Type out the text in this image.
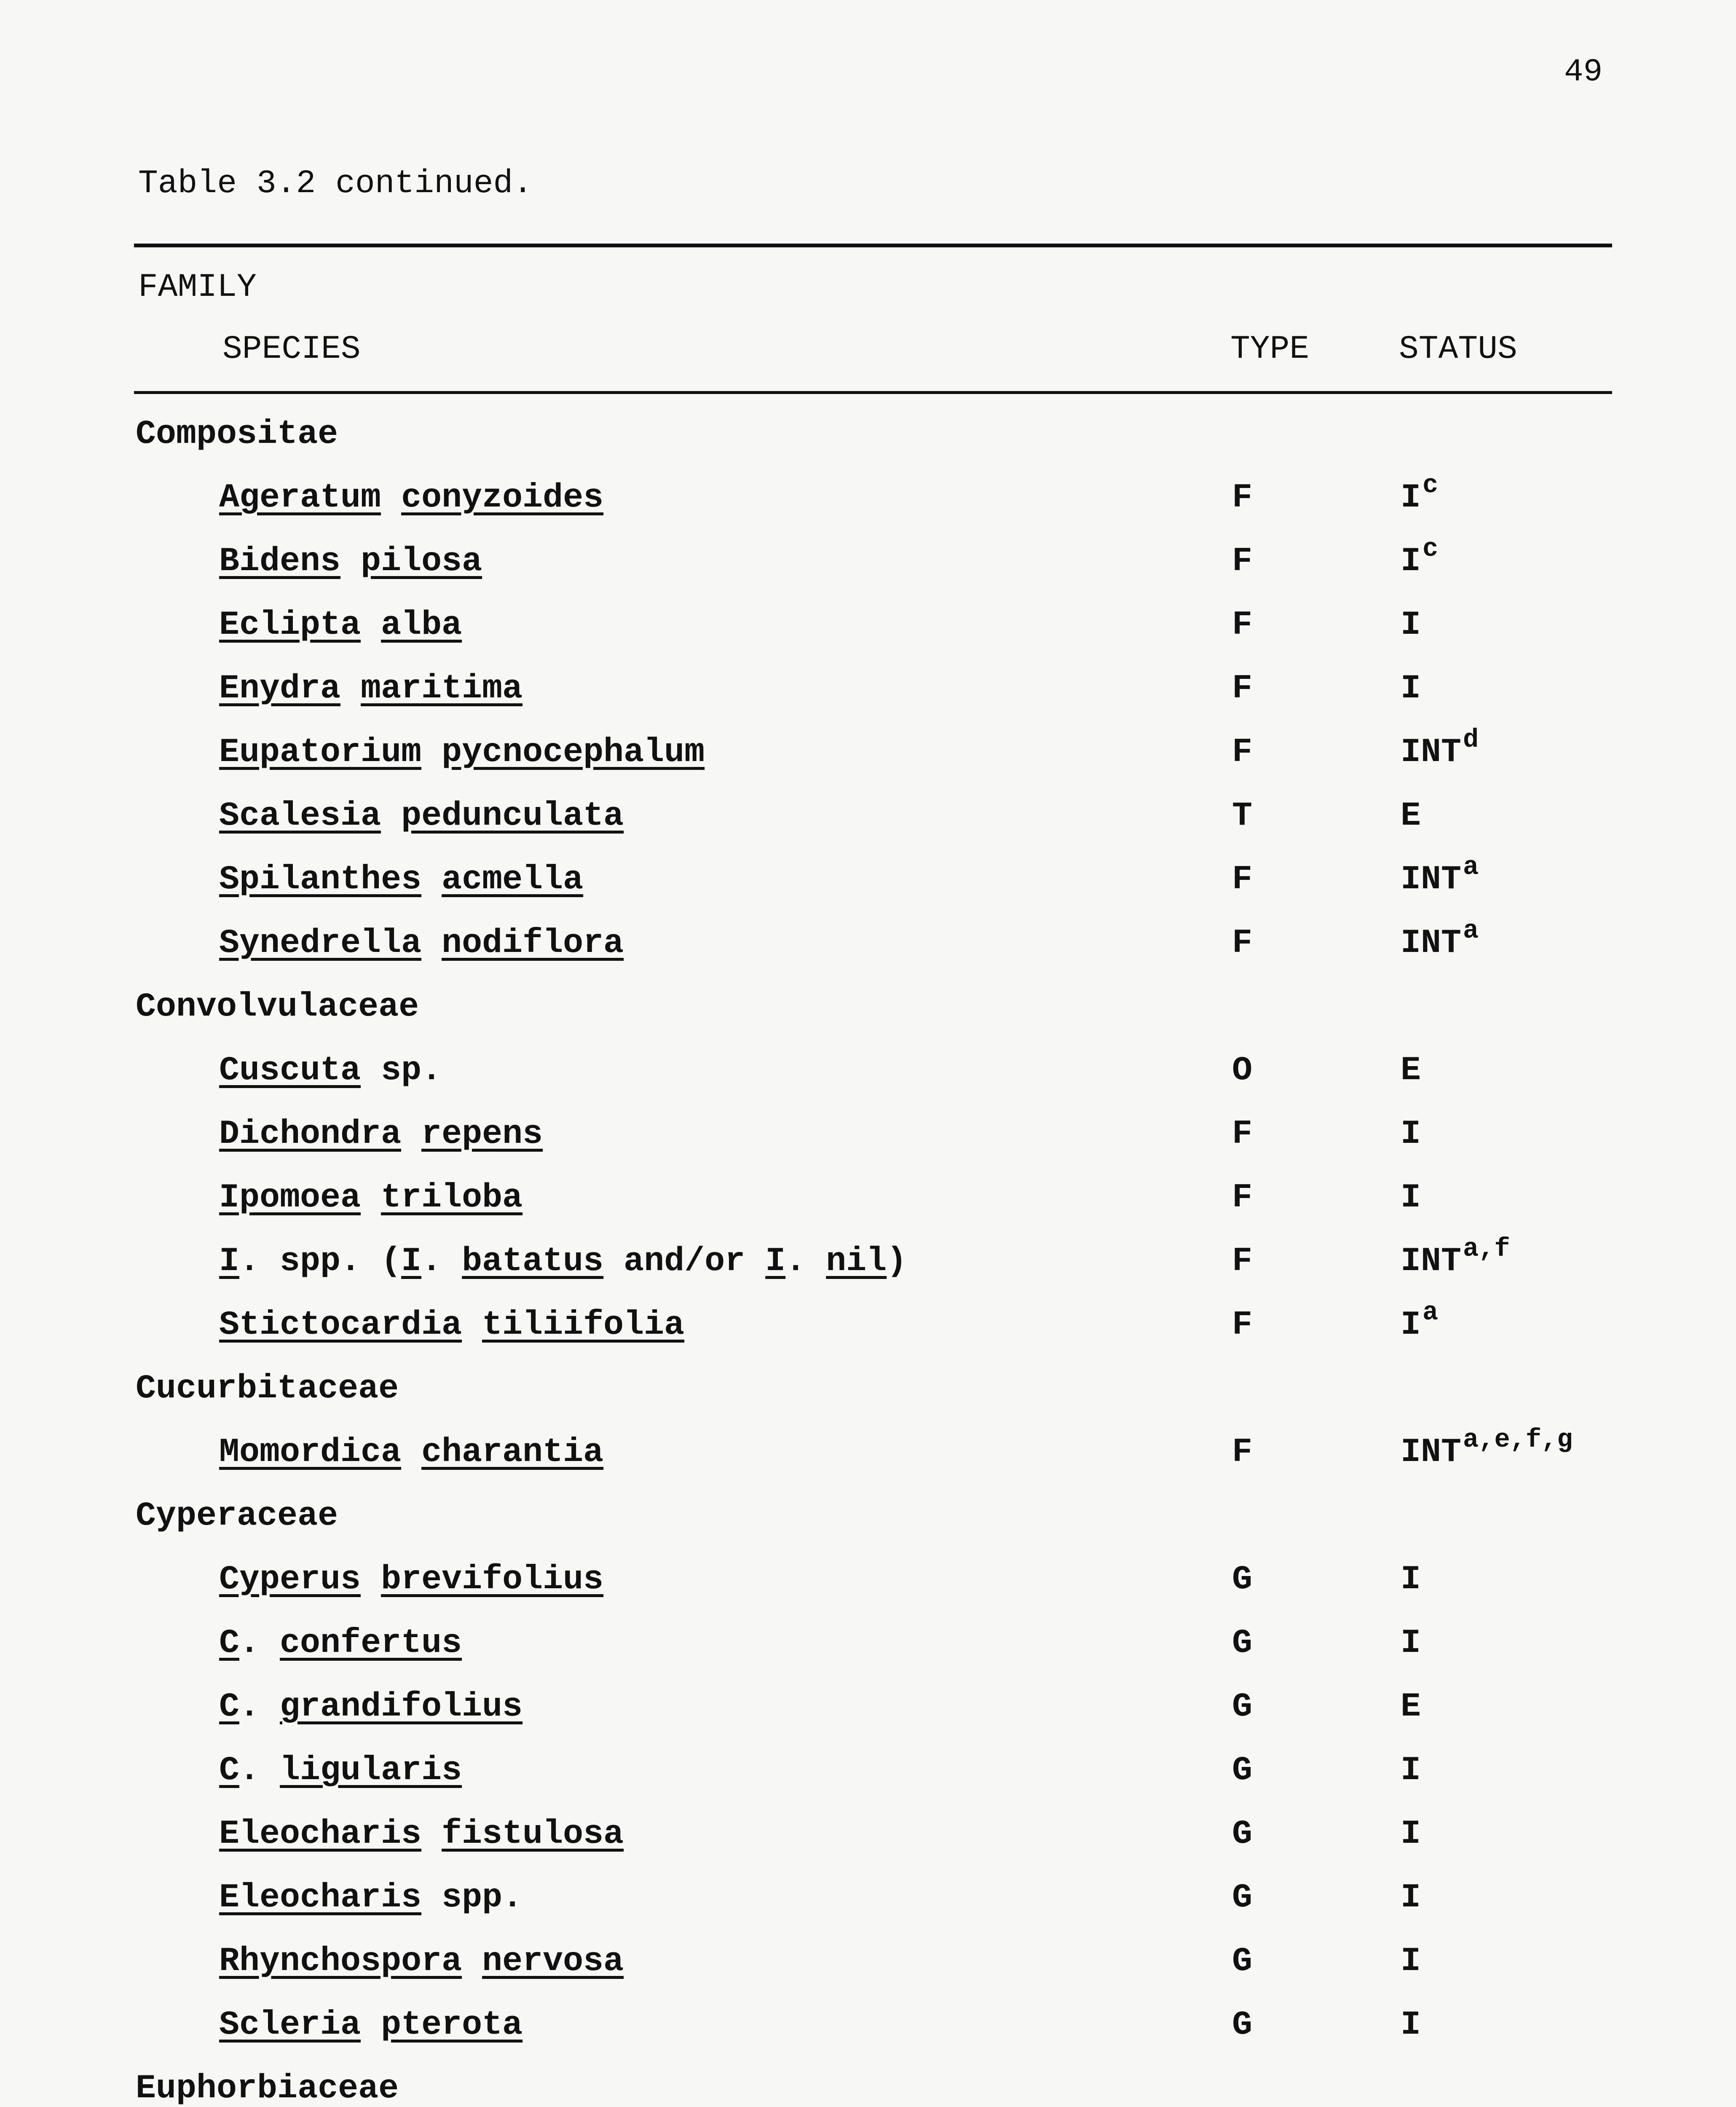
49
Table 3.2 continued.
FAMILY
SPECIES	TYPE	STATUS
Compositae
Ageratum conyzoides	F	$I^c$
Bidens pilosa	F	$I^c$
Eclipta alba	F	I
Enydra maritima	F	I
Eupatorium pycnocephalum	F	INT$^d$
Scalesia pedunculata	T	E
Spilanthes acmella	F	INT$^a$
Synedrella nodiflora	F	INT$^a$
Convolvulaceae
Cuscuta sp.	O	E
Dichondra repens	F	I
Ipomoea triloba	F	I
I. spp. (I. batatus and/or I. nil)	F	INT$^{a,f}$
Stictocardia tiliifolia	F	$I^a$
Cucurbitaceae
Momordica charantia	F	INT$^{a,e,f,g}$
Cyperaceae
Cyperus brevifolius	G	I
C. confertus	G	I
C. grandifolius	G	E
C. ligularis	G	I
Eleocharis fistulosa	G	I
Eleocharis spp.	G	I
Rhynchospora nervosa	G	I
Scleria pterota	G	I
Euphorbiaceae
